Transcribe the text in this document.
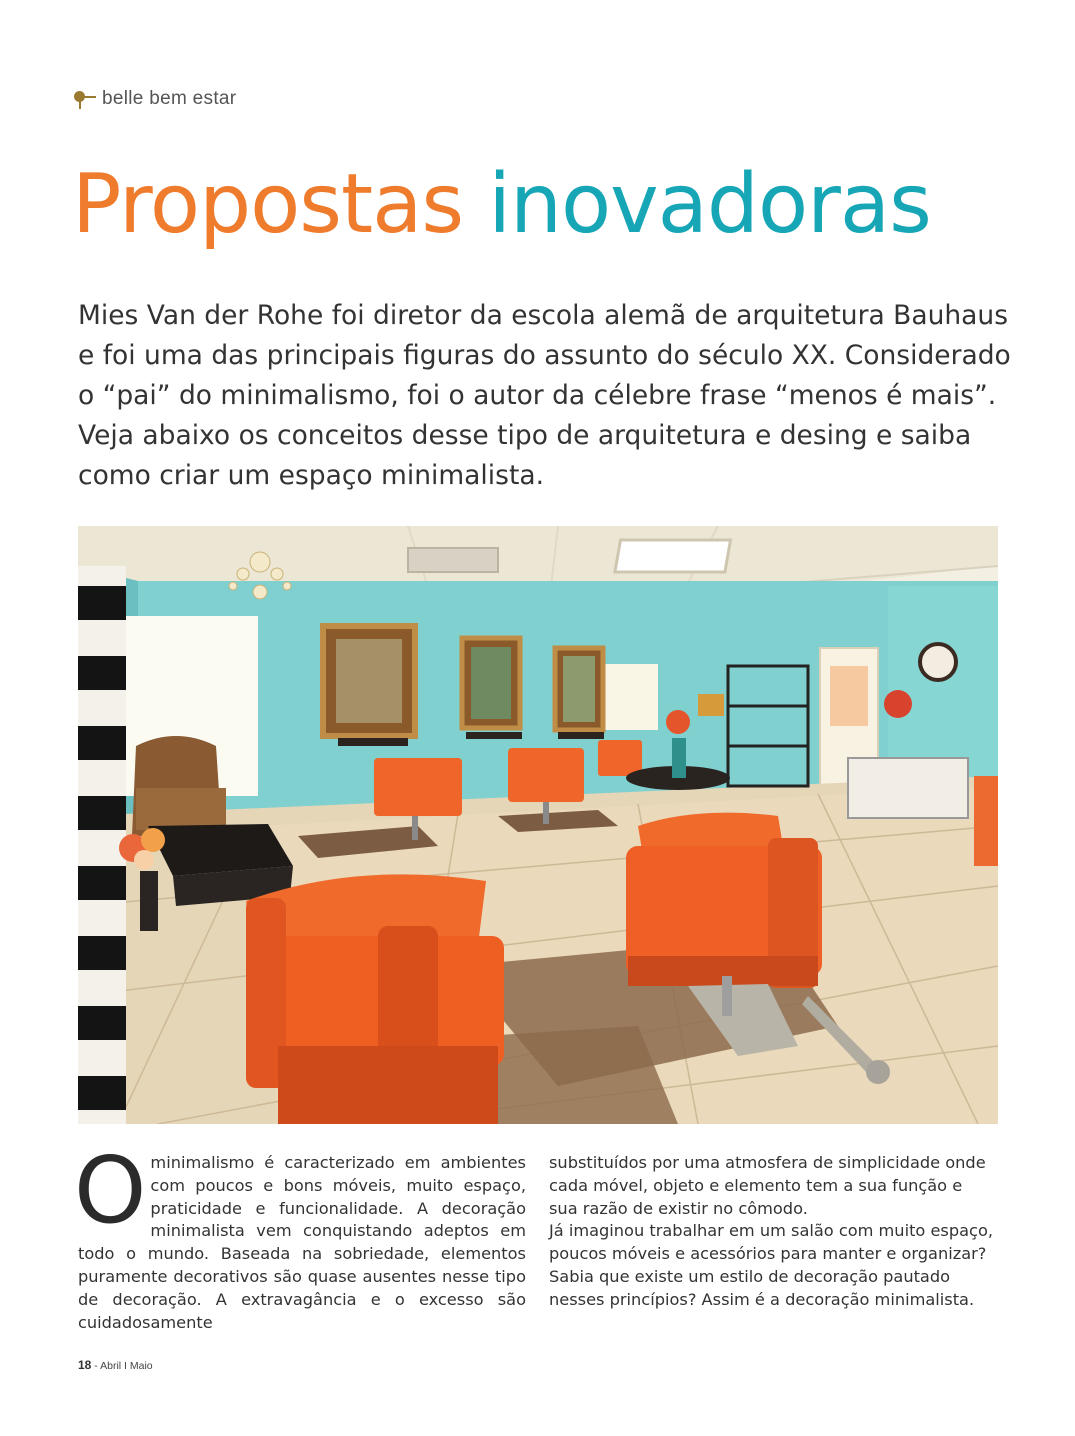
belle bem estar
Propostas inovadoras

Mies Van der Rohe foi diretor da escola alemã de arquitetura Bauhaus e foi uma das principais figuras do assunto do século XX. Considerado o “pai” do minimalismo, foi o autor da célebre frase “menos é mais”. Veja abaixo os conceitos desse tipo de arquitetura e desing e saiba como criar um espaço minimalista.

O minimalismo é caracterizado em ambientes com poucos e bons móveis, muito espaço, praticidade e funcionalidade. A decoração minimalista vem conquistando adeptos em todo o mundo. Baseada na sobriedade, elementos puramente decorativos são quase ausentes nesse tipo de decoração. A extravagância e o excesso são cuidadosamente
substituídos por uma atmosfera de simplicidade onde cada móvel, objeto e elemento tem a sua função e sua razão de existir no cômodo.
Já imaginou trabalhar em um salão com muito espaço, poucos móveis e acessórios para manter e organizar? Sabia que existe um estilo de decoração pautado nesses princípios? Assim é a decoração minimalista.
18 - Abril I Maio
